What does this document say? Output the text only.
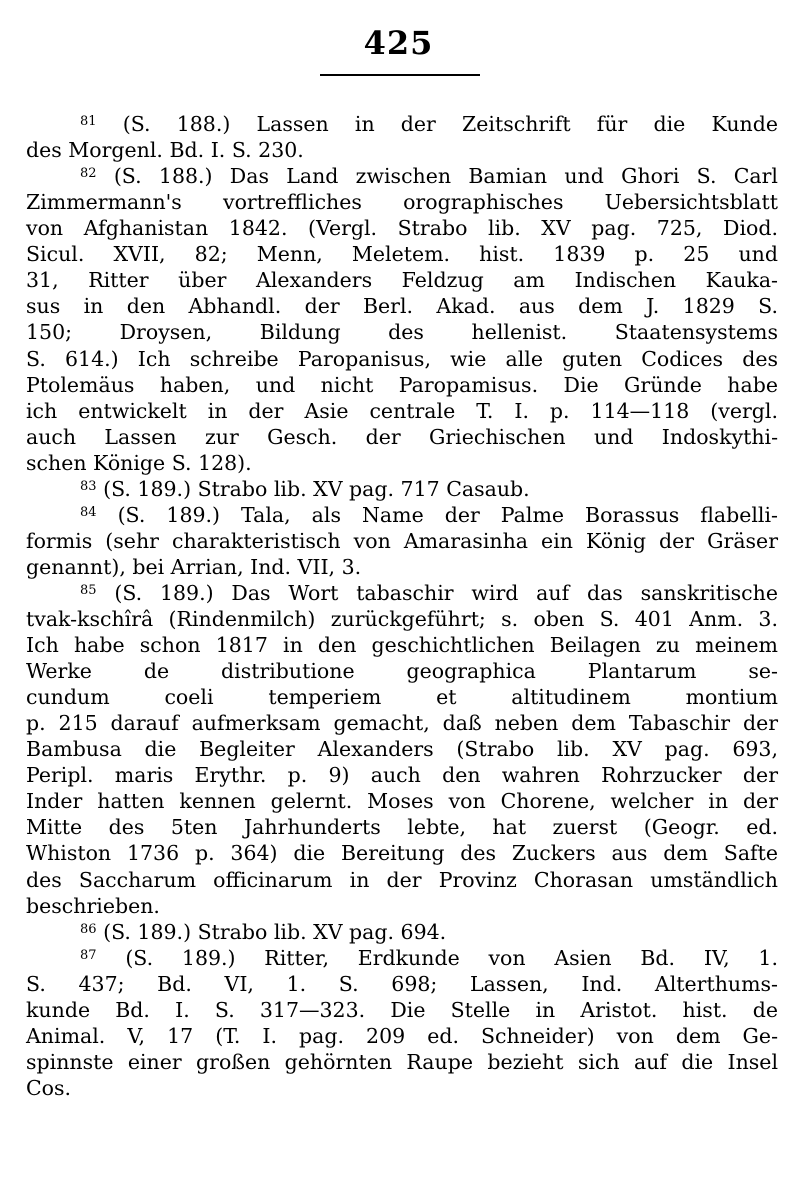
425
$^{81}$ (S. 188.) Lassen in der Zeitschrift für die Kunde
des Morgenl. Bd. I. S. 230.
$^{82}$ (S. 188.) Das Land zwischen Bamian und Ghori S. Carl
Zimmermann's vortreffliches orographisches Uebersichtsblatt
von Afghanistan 1842. (Vergl. Strabo lib. XV pag. 725, Diod.
Sicul. XVII, 82; Menn, Meletem. hist. 1839 p. 25 und
31, Ritter über Alexanders Feldzug am Indischen Kauka-
sus in den Abhandl. der Berl. Akad. aus dem J. 1829 S.
150; Droysen, Bildung des hellenist. Staatensystems
S. 614.) Ich schreibe Paropanisus, wie alle guten Codices des
Ptolemäus haben, und nicht Paropamisus. Die Gründe habe
ich entwickelt in der Asie centrale T. I. p. 114—118 (vergl.
auch Lassen zur Gesch. der Griechischen und Indoskythi-
schen Könige S. 128).
$^{83}$ (S. 189.) Strabo lib. XV pag. 717 Casaub.
$^{84}$ (S. 189.) Tala, als Name der Palme Borassus flabelli-
formis (sehr charakteristisch von Amarasinha ein König der Gräser
genannt), bei Arrian, Ind. VII, 3.
$^{85}$ (S. 189.) Das Wort tabaschir wird auf das sanskritische
tvak-kschîrâ (Rindenmilch) zurückgeführt; s. oben S. 401 Anm. 3.
Ich habe schon 1817 in den geschichtlichen Beilagen zu meinem
Werke de distributione geographica Plantarum se-
cundum coeli temperiem et altitudinem montium
p. 215 darauf aufmerksam gemacht, daß neben dem Tabaschir der
Bambusa die Begleiter Alexanders (Strabo lib. XV pag. 693,
Peripl. maris Erythr. p. 9) auch den wahren Rohrzucker der
Inder hatten kennen gelernt. Moses von Chorene, welcher in der
Mitte des 5ten Jahrhunderts lebte, hat zuerst (Geogr. ed.
Whiston 1736 p. 364) die Bereitung des Zuckers aus dem Safte
des Saccharum officinarum in der Provinz Chorasan umständlich
beschrieben.
$^{86}$ (S. 189.) Strabo lib. XV pag. 694.
$^{87}$ (S. 189.) Ritter, Erdkunde von Asien Bd. IV, 1.
S. 437; Bd. VI, 1. S. 698; Lassen, Ind. Alterthums-
kunde Bd. I. S. 317—323. Die Stelle in Aristot. hist. de
Animal. V, 17 (T. I. pag. 209 ed. Schneider) von dem Ge-
spinnste einer großen gehörnten Raupe bezieht sich auf die Insel
Cos.
